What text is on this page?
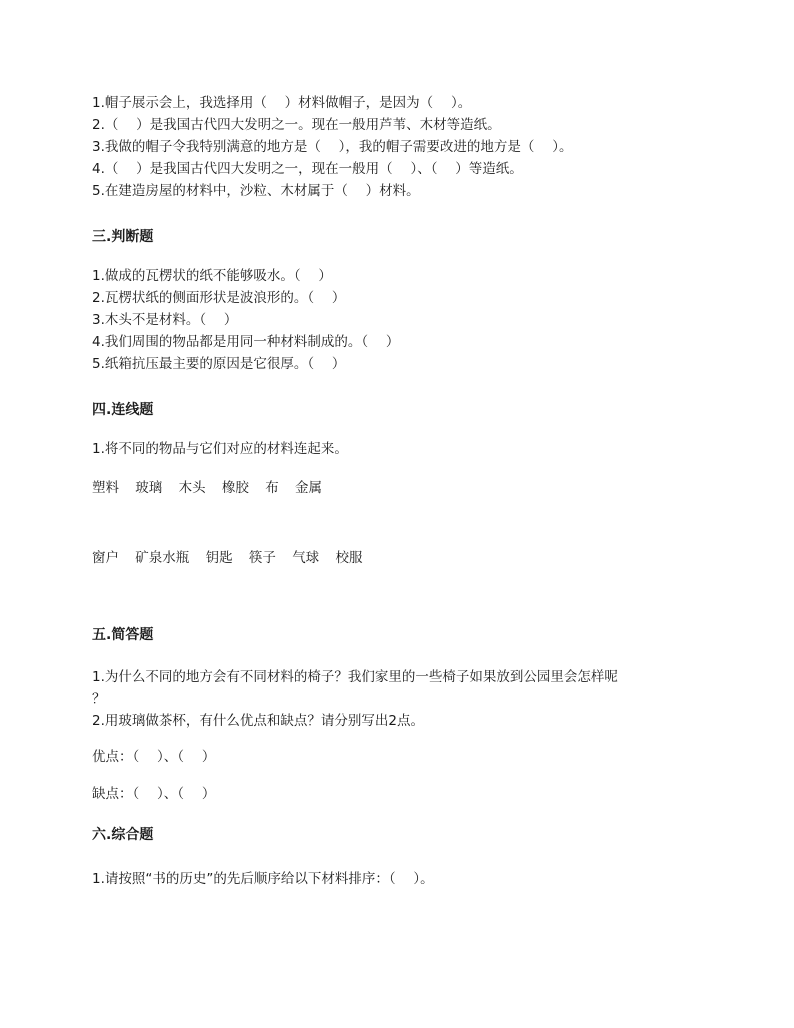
1.帽子展示会上，我选择用（　 ）材料做帽子，是因为（　 ）。
2.（　 ）是我国古代四大发明之一。现在一般用芦苇、木材等造纸。
3.我做的帽子令我特别满意的地方是（　 ），我的帽子需要改进的地方是（　 ）。
4.（　 ）是我国古代四大发明之一，现在一般用（　 ）、（　 ）等造纸。
5.在建造房屋的材料中，沙粒、木材属于（　 ）材料。
三.判断题
1.做成的瓦楞状的纸不能够吸水。（　 ）
2.瓦楞状纸的侧面形状是波浪形的。（　 ）
3.木头不是材料。（　 ）
4.我们周围的物品都是用同一种材料制成的。（　 ）
5.纸箱抗压最主要的原因是它很厚。（　 ）
四.连线题
1.将不同的物品与它们对应的材料连起来。
塑料 玻璃 木头 橡胶 布 金属
窗户 矿泉水瓶 钥匙 筷子 气球 校服
五.简答题
1.为什么不同的地方会有不同材料的椅子？我们家里的一些椅子如果放到公园里会怎样呢
？
2.用玻璃做茶杯，有什么优点和缺点？请分别写出2点。
优点：（　 ）、（　 ）
缺点：（　 ）、（　 ）
六.综合题
1.请按照“书的历史”的先后顺序给以下材料排序：（　 ）。
